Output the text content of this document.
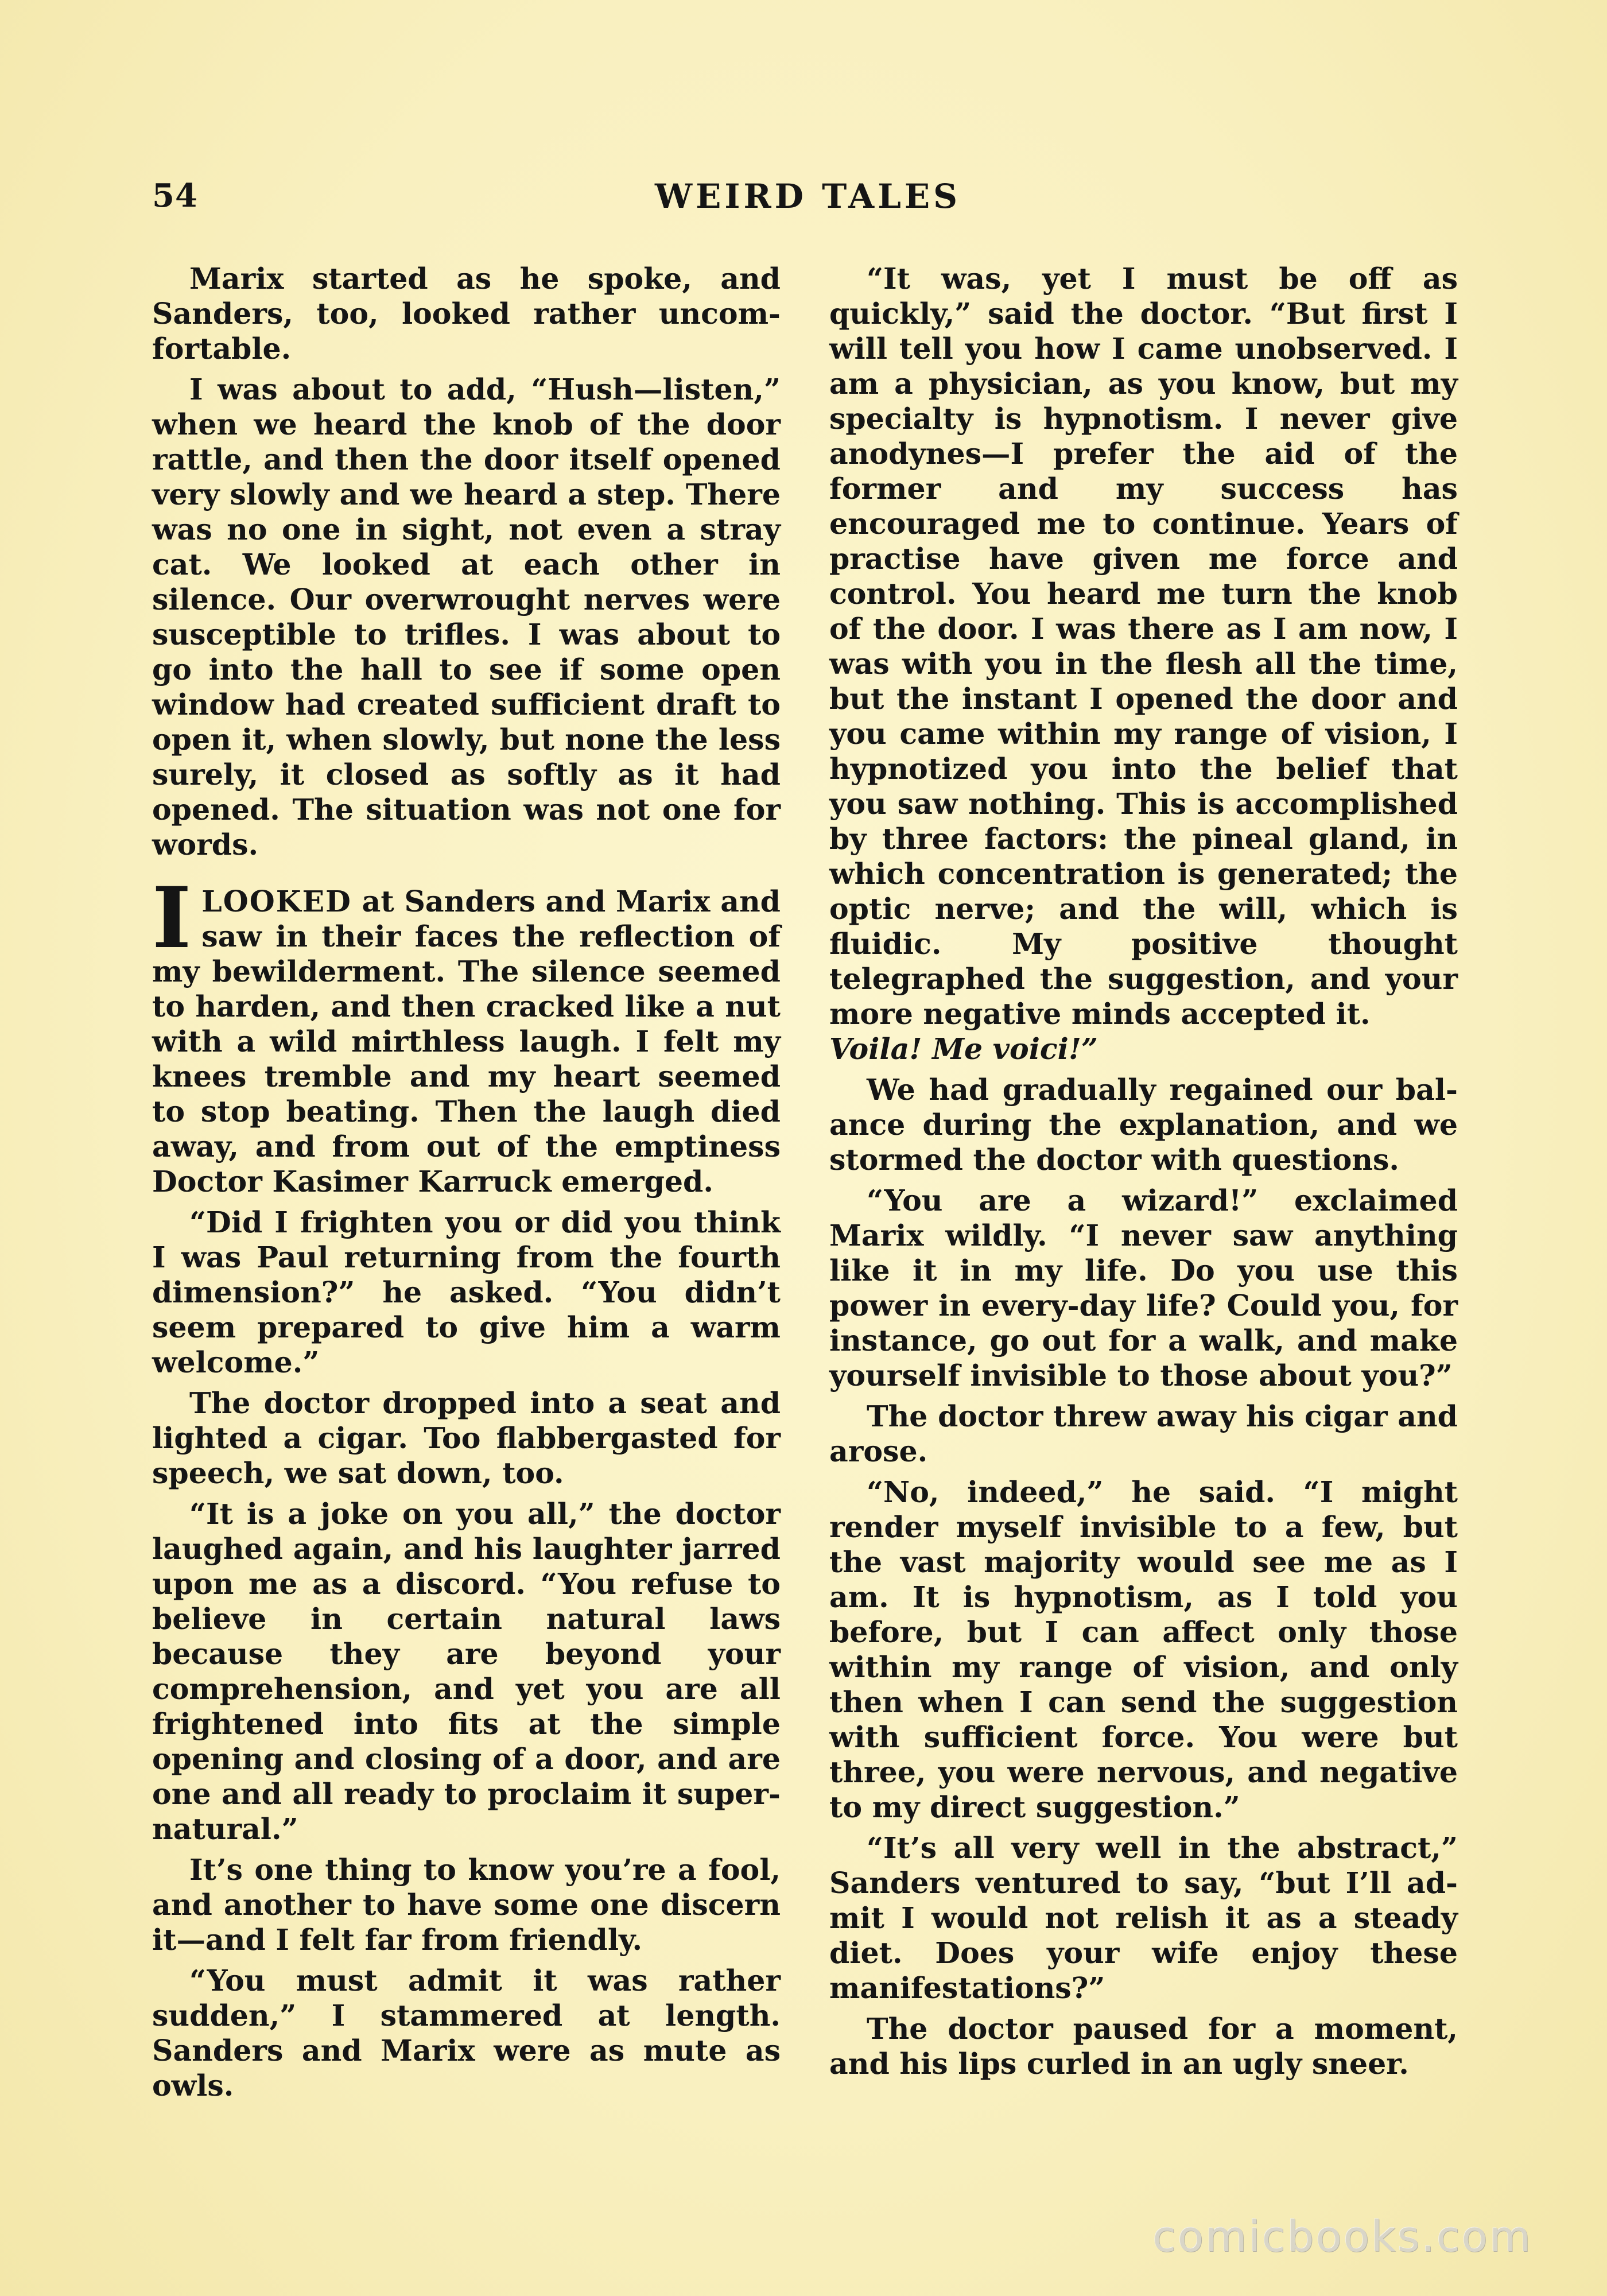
54	WEIRD TALES

Marix started as he spoke, and Sanders, too, looked rather uncomfortable.

I was about to add, “Hush—listen,” when we heard the knob of the door rattle, and then the door itself opened very slowly and we heard a step. There was no one in sight, not even a stray cat. We looked at each other in silence. Our overwrought nerves were susceptible to trifles. I was about to go into the hall to see if some open window had created sufficient draft to open it, when slowly, but none the less surely, it closed as softly as it had opened. The situation was not one for words.

ILOOKED at Sanders and Marix and saw in their faces the reflection of my bewilderment. The silence seemed to harden, and then cracked like a nut with a wild mirthless laugh. I felt my knees tremble and my heart seemed to stop beating. Then the laugh died away, and from out of the emptiness Doctor Kasimer Karruck emerged.

“Did I frighten you or did you think I was Paul returning from the fourth dimension?” he asked. “You didn’t seem prepared to give him a warm welcome.”

The doctor dropped into a seat and lighted a cigar. Too flabbergasted for speech, we sat down, too.

“It is a joke on you all,” the doctor laughed again, and his laughter jarred upon me as a discord. “You refuse to believe in certain natural laws because they are beyond your comprehension, and yet you are all frightened into fits at the simple opening and closing of a door, and are one and all ready to proclaim it supernatural.”

It’s one thing to know you’re a fool, and another to have some one discern it—and I felt far from friendly.

“You must admit it was rather sudden,” I stammered at length. Sanders and Marix were as mute as owls.

“It was, yet I must be off as quickly,” said the doctor. “But first I will tell you how I came unobserved. I am a physician, as you know, but my specialty is hypnotism. I never give anodynes—I prefer the aid of the former and my success has encouraged me to continue. Years of practise have given me force and control. You heard me turn the knob of the door. I was there as I am now, I was with you in the flesh all the time, but the instant I opened the door and you came within my range of vision, I hypnotized you into the belief that you saw nothing. This is accomplished by three factors: the pineal gland, in which concentration is generated; the optic nerve; and the will, which is fluidic. My positive thought telegraphed the suggestion, and your more negative minds accepted it.
Voila! Me voici!”

We had gradually regained our balance during the explanation, and we stormed the doctor with questions.

“You are a wizard!” exclaimed Marix wildly. “I never saw anything like it in my life. Do you use this power in every-day life? Could you, for instance, go out for a walk, and make yourself invisible to those about you?”

The doctor threw away his cigar and arose.

“No, indeed,” he said. “I might render myself invisible to a few, but the vast majority would see me as I am. It is hypnotism, as I told you before, but I can affect only those within my range of vision, and only then when I can send the suggestion with sufficient force. You were but three, you were nervous, and negative to my direct suggestion.”

“It’s all very well in the abstract,” Sanders ventured to say, “but I’ll admit I would not relish it as a steady diet. Does your wife enjoy these manifestations?”

The doctor paused for a moment, and his lips curled in an ugly sneer.

comicbooks.com
